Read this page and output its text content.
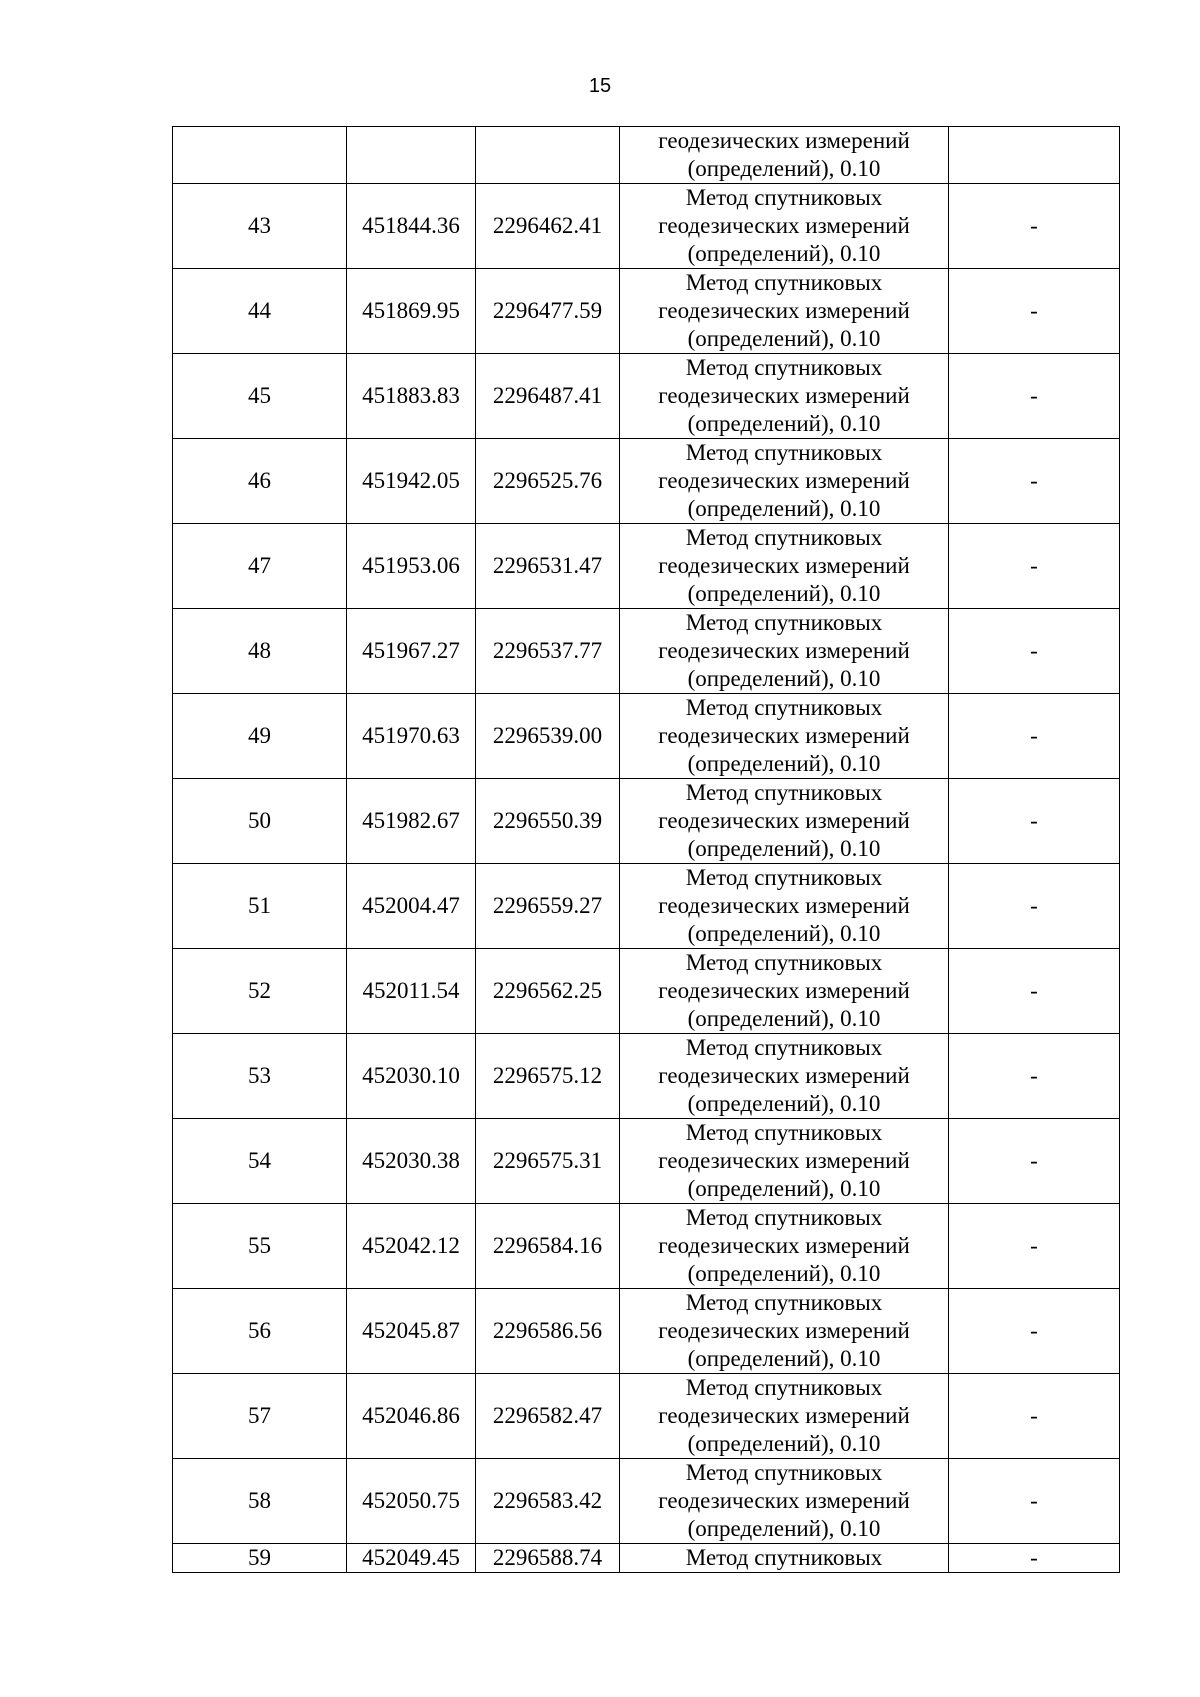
15
			геодезических измерений
(определений), 0.10	
43	451844.36	2296462.41	Метод спутниковых
геодезических измерений
(определений), 0.10	-
44	451869.95	2296477.59	Метод спутниковых
геодезических измерений
(определений), 0.10	-
45	451883.83	2296487.41	Метод спутниковых
геодезических измерений
(определений), 0.10	-
46	451942.05	2296525.76	Метод спутниковых
геодезических измерений
(определений), 0.10	-
47	451953.06	2296531.47	Метод спутниковых
геодезических измерений
(определений), 0.10	-
48	451967.27	2296537.77	Метод спутниковых
геодезических измерений
(определений), 0.10	-
49	451970.63	2296539.00	Метод спутниковых
геодезических измерений
(определений), 0.10	-
50	451982.67	2296550.39	Метод спутниковых
геодезических измерений
(определений), 0.10	-
51	452004.47	2296559.27	Метод спутниковых
геодезических измерений
(определений), 0.10	-
52	452011.54	2296562.25	Метод спутниковых
геодезических измерений
(определений), 0.10	-
53	452030.10	2296575.12	Метод спутниковых
геодезических измерений
(определений), 0.10	-
54	452030.38	2296575.31	Метод спутниковых
геодезических измерений
(определений), 0.10	-
55	452042.12	2296584.16	Метод спутниковых
геодезических измерений
(определений), 0.10	-
56	452045.87	2296586.56	Метод спутниковых
геодезических измерений
(определений), 0.10	-
57	452046.86	2296582.47	Метод спутниковых
геодезических измерений
(определений), 0.10	-
58	452050.75	2296583.42	Метод спутниковых
геодезических измерений
(определений), 0.10	-
59	452049.45	2296588.74	Метод спутниковых	-
